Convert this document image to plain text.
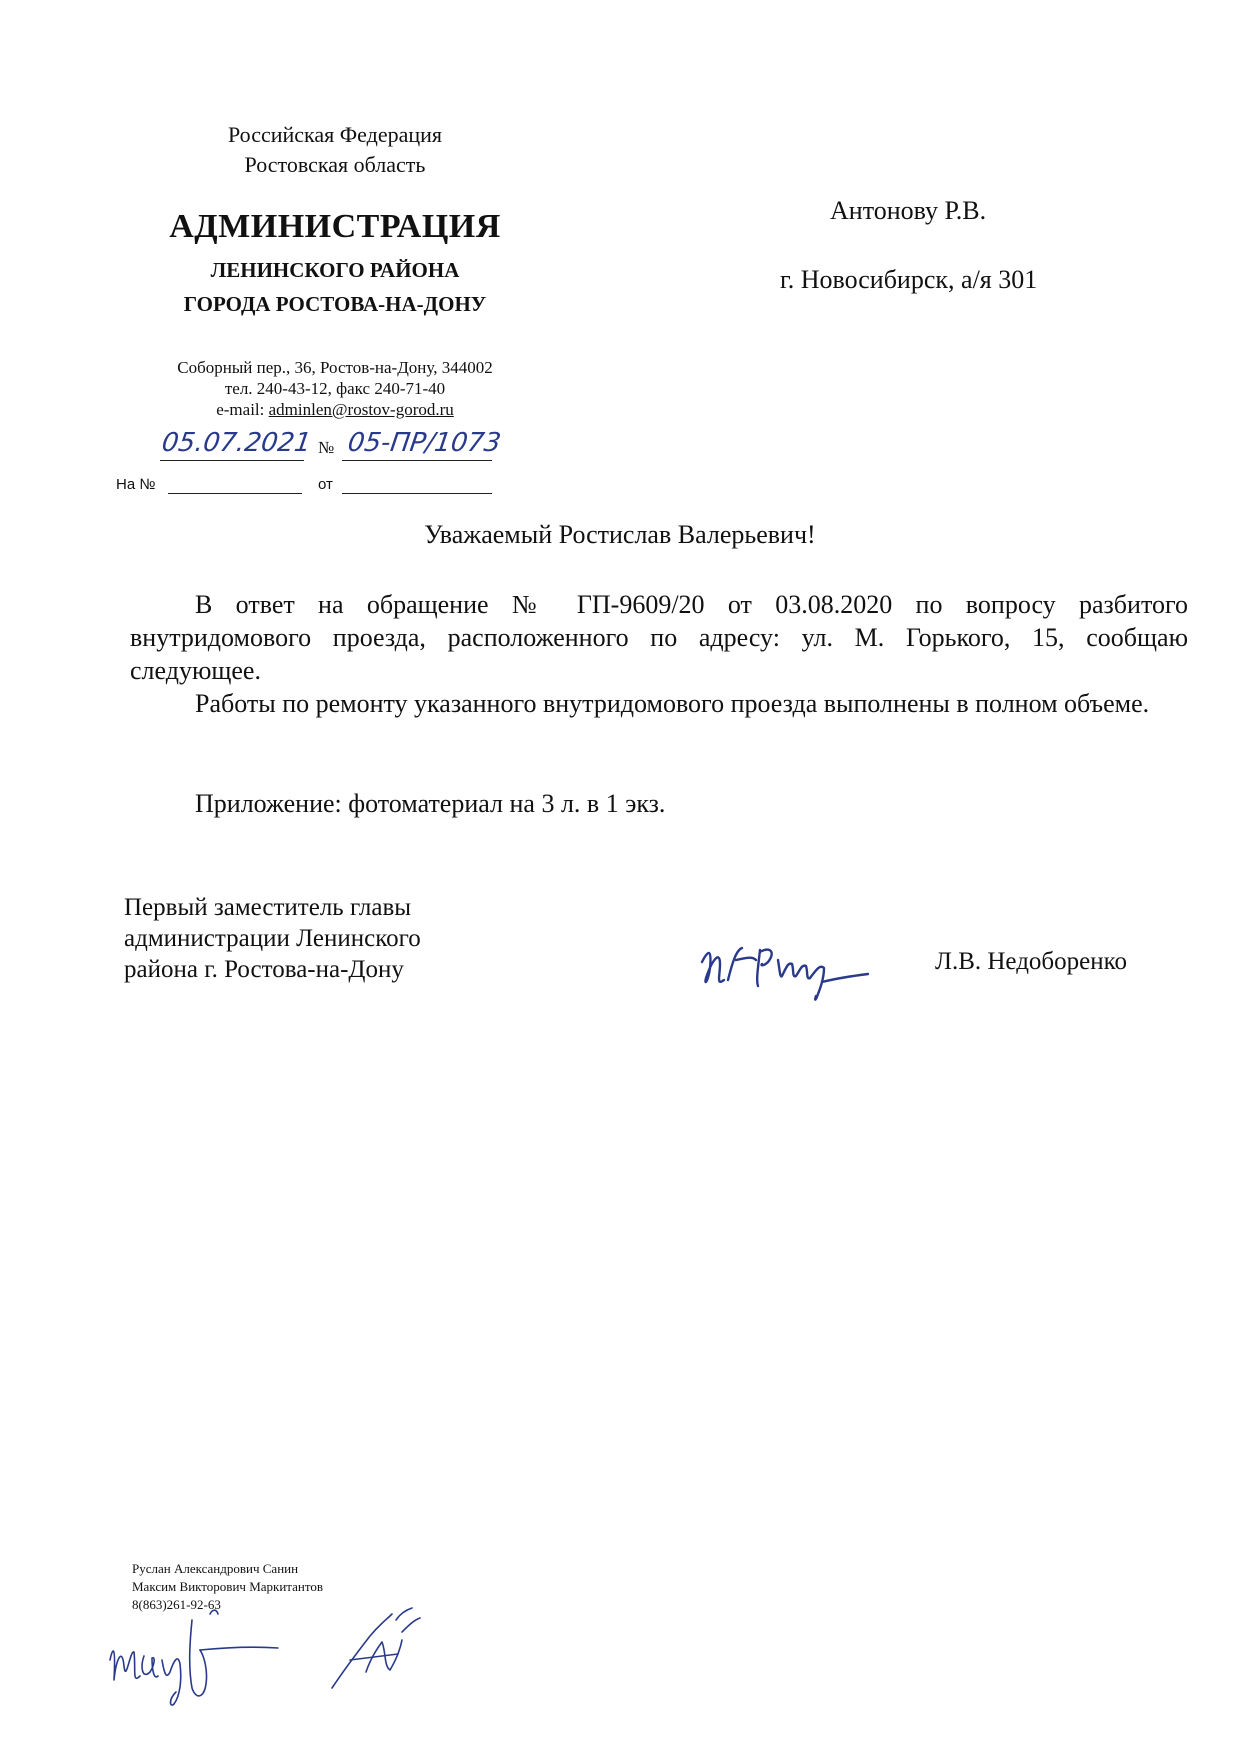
Российская Федерация
Ростовская область
АДМИНИСТРАЦИЯ
ЛЕНИНСКОГО РАЙОНА
ГОРОДА РОСТОВА-НА-ДОНУ
Соборный пер., 36, Ростов-на-Дону, 344002
тел. 240-43-12, факс 240-71-40
e-mail: adminlen@rostov-gorod.ru
05.07.2021 № 05-ПР/1073
На №	от
Антонову Р.В.
г. Новосибирск, а/я 301
Уважаемый Ростислав Валерьевич!
В ответ на обращение № ГП-9609/20 от 03.08.2020 по вопросу разбитого внутридомового проезда, расположенного по адресу: ул. М. Горького, 15, сообщаю следующее.
Работы по ремонту указанного внутридомового проезда выполнены в полном объеме.
Приложение: фотоматериал на 3 л. в 1 экз.
Первый заместитель главы
администрации Ленинского
района г. Ростова-на-Дону	Л.В. Недоборенко
Руслан Александрович Санин
Максим Викторович Маркитантов
8(863)261-92-63
